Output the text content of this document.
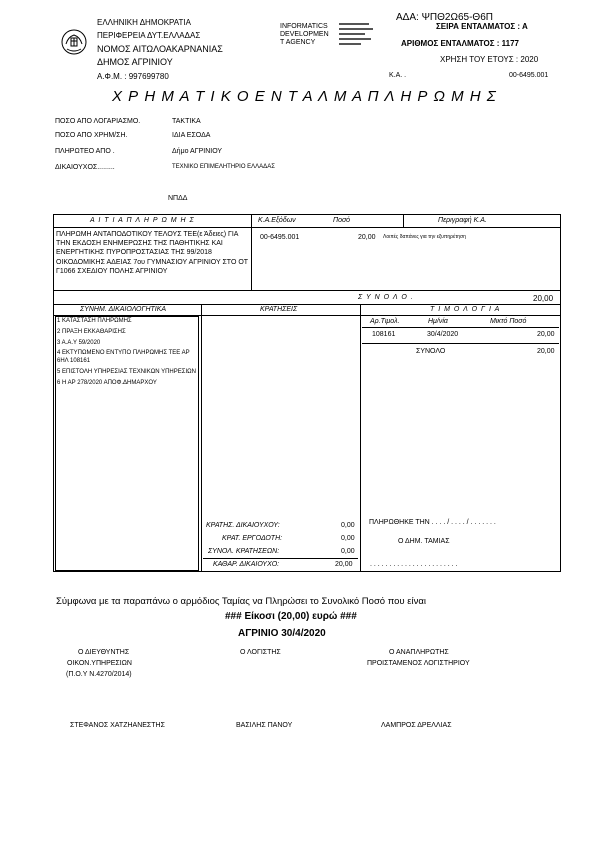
ΕΛΛΗΝΙΚΗ ΔΗΜΟΚΡΑΤΙΑ
ΠΕΡΙΦΕΡΕΙΑ ΔΥΤ.ΕΛΛΑΔΑΣ
ΝΟΜΟΣ ΑΙΤΩΛΟΑΚΑΡΝΑΝΙΑΣ
ΔΗΜΟΣ ΑΓΡΙΝΙΟΥ
Α.Φ.Μ. : 997699780
INFORMATICS
DEVELOPMEN
T AGENCY
ΑΔΑ: ΨΠΘ2Ω65-Θ6Π
ΣΕΙΡΑ ΕΝΤΑΛΜΑΤΟΣ : Α
ΑΡΙΘΜΟΣ ΕΝΤΑΛΜΑΤΟΣ : 1177
ΧΡΗΣΗ ΤΟΥ ΕΤΟΥΣ : 2020
Κ.Α. .	00-6495.001
Χ Ρ Η Μ Α Τ Ι Κ Ο Ε Ν Τ Α Λ Μ Α Π Λ Η Ρ Ω Μ Η Σ
ΠΟΣΟ ΑΠΟ ΛΟΓΑΡΙΑΣΜΟ.	ΤΑΚΤΙΚΑ
ΠΟΣΟ ΑΠΟ ΧΡΗΜ/ΣΗ.	ΙΔΙΑ ΕΣΟΔΑ
ΠΛΗΡΩΤΕΟ ΑΠΟ .	Δήμο ΑΓΡΙΝΙΟΥ
ΔΙΚΑΙΟΥΧΟΣ.........	ΤΕΧΝΙΚΟ ΕΠΙΜΕΛΗΤΗΡΙΟ ΕΛΛΑΔΑΣ
ΝΠΔΔ
Α Ι Τ Ι Α Π Λ Η Ρ Ω Μ Η Σ	Κ.Α.Εξόδων	Ποσό	Περιγραφή Κ.Α.
ΠΛΗΡΩΜΗ ΑΝΤΑΠΟΔΟΤΙΚΟΥ ΤΕΛΟΥΣ ΤΕΕ(ε Άδειες) ΓΙΑ ΤΗΝ ΕΚΔΟΣΗ ΕΝΗΜΕΡΩΣΗΣ ΤΗΣ ΠΑΘΗΤΙΚΗΣ ΚΑΙ ΕΝΕΡΓΗΤΙΚΗΣ ΠΥΡΟΠΡΟΣΤΑΣΙΑΣ ΤΗΣ 99/2018 ΟΙΚΟΔΟΜΙΚΗΣ ΑΔΕΙΑΣ 7ου ΓΥΜΝΑΣΙΟΥ ΑΓΡΙΝΙΟΥ ΣΤΟ ΟΤ Γ1066 ΣΧΕΔΙΟΥ ΠΟΛΗΣ ΑΓΡΙΝΙΟΥ
00-6495.001	20,00 Λοιπές δαπάνες για την εξυπηρέτηση
Σ Υ Ν Ο Λ Ο .	20,00
ΣΥΝΗΜ. ΔΙΚΑΙΟΛΟΓΗΤΙΚΑ	ΚΡΑΤΗΣΕΙΣ	Τ Ι Μ Ο Λ Ο Γ Ι Α
1 ΚΑΤΑΣΤΑΣΗ ΠΛΗΡΩΜΗΣ
2 ΠΡΑΞΗ ΕΚΚΑΘΑΡΙΣΗΣ
3 Α.Α.Υ 59/2020
4 ΕΚΤΥΠΩΜΕΝΟ ΕΝΤΥΠΟ ΠΛΗΡΩΜΗΣ ΤΕΕ ΑΡ 6ΗΛ 108161
5 ΕΠΙΣΤΟΛΗ ΥΠΗΡΕΣΙΑΣ ΤΕΧΝΙΚΩΝ ΥΠΗΡΕΣΙΩΝ
6 Η ΑΡ 278/2020 ΑΠΟΦ.ΔΗΜΑΡΧΟΥ
Αρ.Τιμολ.	Ημ/νία	Μικτό Ποσό
108161	30/4/2020	20,00
ΣΥΝΟΛΟ	20,00
ΚΡΑΤΗΣ. ΔΙΚΑΙΟΥΧΟΥ:	0,00
ΚΡΑΤ. ΕΡΓΟΔΟΤΗ:	0,00
ΣΥΝΟΛ. ΚΡΑΤΗΣΕΩΝ:	0,00
ΚΑΘΑΡ. ΔΙΚΑΙΟΥΧΟ:	20,00
ΠΛΗΡΩΘΗΚΕ ΤΗΝ . . . . / . . . . / . . . . . . .
Ο ΔΗΜ. ΤΑΜΙΑΣ
. . . . . . . . . . . . . . . . . . . . . . .
Σύμφωνα με τα παραπάνω ο αρμόδιος Ταμίας να Πληρώσει το Συνολικό Ποσό που είναι
### Είκοσι (20,00) ευρώ ###
ΑΓΡΙΝΙΟ 30/4/2020
Ο ΔΙΕΥΘΥΝΤΗΣ
ΟΙΚΟΝ.ΥΠΗΡΕΣΙΩΝ
(Π.Ο.Υ Ν.4270/2014)
Ο ΛΟΓΙΣΤΗΣ	Ο ΑΝΑΠΛΗΡΩΤΗΣ
ΠΡΟΙΣΤΑΜΕΝΟΣ ΛΟΓΙΣΤΗΡΙΟΥ
ΣΤΕΦΑΝΟΣ ΧΑΤΖΗΑΝΕΣΤΗΣ	ΒΑΣΙΛΗΣ ΠΑΝΟΥ	ΛΑΜΠΡΟΣ ΔΡΕΛΛΙΑΣ
